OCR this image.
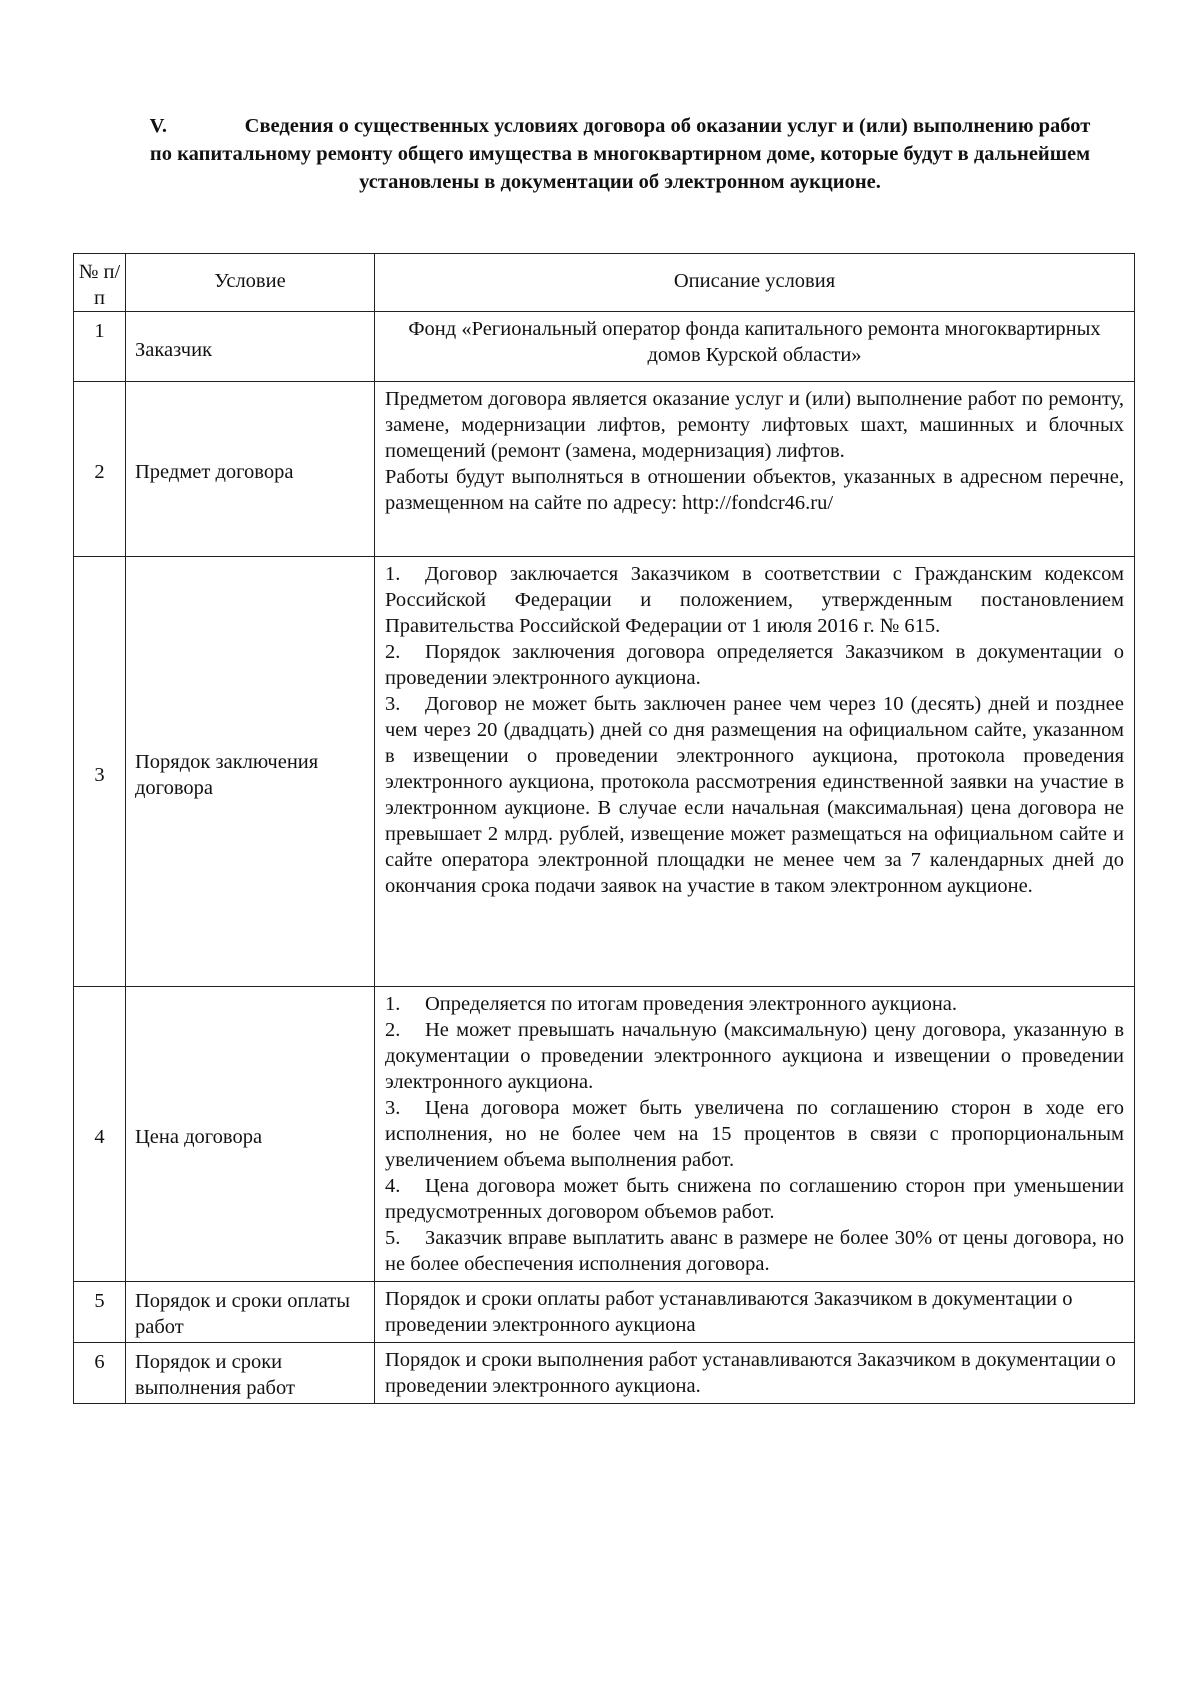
V.	Сведения о существенных условиях договора об оказании услуг и (или) выполнению работ по капитальному ремонту общего имущества в многоквартирном доме, которые будут в дальнейшем установлены в документации об электронном аукционе.
№ п/п	Условие	Описание условия
1	Заказчик	Фонд «Региональный оператор фонда капитального ремонта многоквартирных домов Курской области»
2	Предмет договора	Предметом договора является оказание услуг и (или) выполнение работ по ремонту, замене, модернизации лифтов, ремонту лифтовых шахт, машинных и блочных помещений (ремонт (замена, модернизация) лифтов.

Работы будут выполняться в отношении объектов, указанных в адресном перечне, размещенном на сайте по адресу: http://fondcr46.ru/

3	Порядок заключения договора	1. Договор заключается Заказчиком в соответствии с Гражданским кодексом Российской Федерации и положением, утвержденным постановлением Правительства Российской Федерации от 1 июля 2016 г. № 615.

2. Порядок заключения договора определяется Заказчиком в документации о проведении электронного аукциона.

3. Договор не может быть заключен ранее чем через 10 (десять) дней и позднее чем через 20 (двадцать) дней со дня размещения на официальном сайте, указанном в извещении о проведении электронного аукциона, протокола проведения электронного аукциона, протокола рассмотрения единственной заявки на участие в электронном аукционе. В случае если начальная (максимальная) цена договора не превышает 2 млрд. рублей, извещение может размещаться на официальном сайте и сайте оператора электронной площадки не менее чем за 7 календарных дней до окончания срока подачи заявок на участие в таком электронном аукционе.

4	Цена договора	1. Определяется по итогам проведения электронного аукциона.

2. Не может превышать начальную (максимальную) цену договора, указанную в документации о проведении электронного аукциона и извещении о проведении электронного аукциона.

3. Цена договора может быть увеличена по соглашению сторон в ходе его исполнения, но не более чем на 15 процентов в связи с пропорциональным увеличением объема выполнения работ.

4. Цена договора может быть снижена по соглашению сторон при уменьшении предусмотренных договором объемов работ.

5. Заказчик вправе выплатить аванс в размере не более 30% от цены договора, но не более обеспечения исполнения договора.

5	Порядок и сроки оплаты работ	Порядок и сроки оплаты работ устанавливаются Заказчиком в документации о проведении электронного аукциона
6	Порядок и сроки выполнения работ	Порядок и сроки выполнения работ устанавливаются Заказчиком в документации о проведении электронного аукциона.
